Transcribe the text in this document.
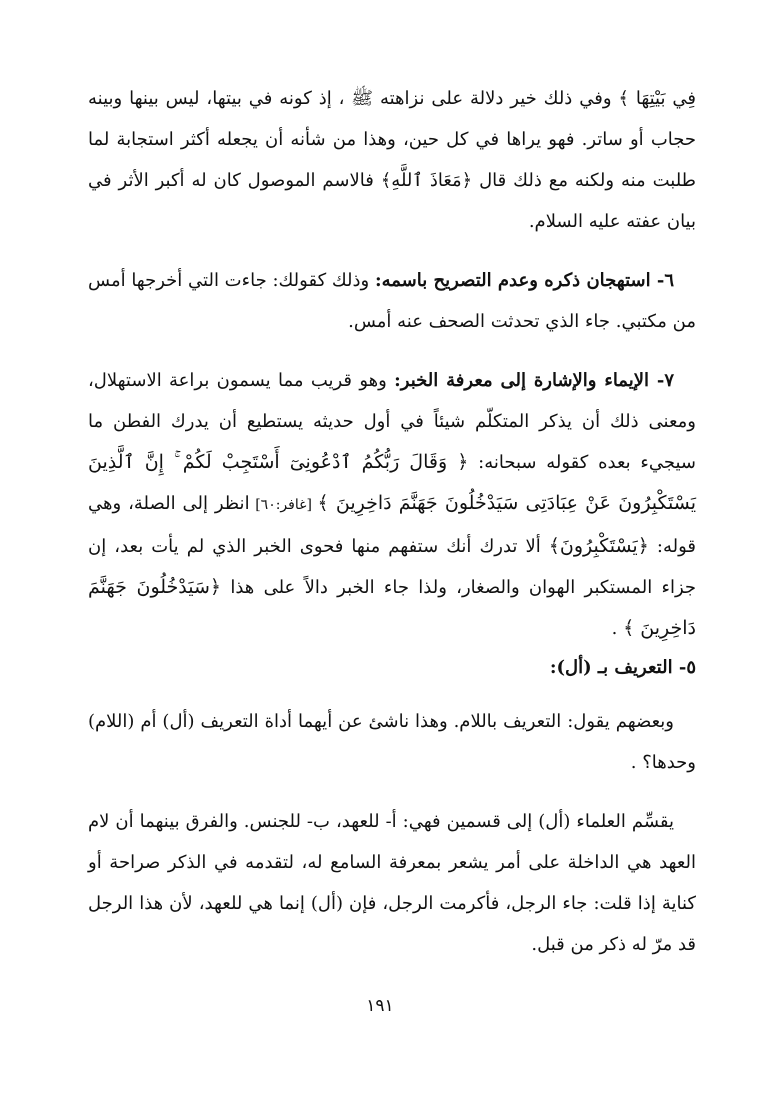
فِي بَيْتِهَا ﴾ وفي ذلك خير دلالة على نزاهته ﷺ ، إذ كونه في بيتها، ليس بينها وبينه حجاب أو ساتر. فهو يراها في كل حين، وهذا من شأنه أن يجعله أكثر استجابة لما طلبت منه ولكنه مع ذلك قال ﴿مَعَاذَ ٱللَّهِ﴾ فالاسم الموصول كان له أكبر الأثر في بيان عفته عليه السلام.

٦- استهجان ذكره وعدم التصريح باسمه: وذلك كقولك: جاءت التي أخرجها أمس من مكتبي. جاء الذي تحدثت الصحف عنه أمس.

٧- الإيماء والإشارة إلى معرفة الخبر: وهو قريب مما يسمون براعة الاستهلال، ومعنى ذلك أن يذكر المتكلّم شيئاً في أول حديثه يستطيع أن يدرك الفطن ما سيجيء بعده كقوله سبحانه: ﴿ وَقَالَ رَبُّكُمُ ٱدْعُونِىٓ أَسْتَجِبْ لَكُمْ ۚ إِنَّ ٱلَّذِينَ يَسْتَكْبِرُونَ عَنْ عِبَادَتِى سَيَدْخُلُونَ جَهَنَّمَ دَاخِرِينَ ﴾ [غافر:٦٠] انظر إلى الصلة، وهي قوله: ﴿يَسْتَكْبِرُونَ﴾ ألا تدرك أنك ستفهم منها فحوى الخبر الذي لم يأت بعد، إن جزاء المستكبر الهوان والصغار، ولذا جاء الخبر دالاً على هذا ﴿سَيَدْخُلُونَ جَهَنَّمَ دَاخِرِينَ ﴾ .

٥- التعريف بـ (أل):

وبعضهم يقول: التعريف باللام. وهذا ناشئ عن أيهما أداة التعريف (أل) أم (اللام) وحدها؟ .

يقسِّم العلماء (أل) إلى قسمين فهي: أ- للعهد، ب- للجنس. والفرق بينهما أن لام العهد هي الداخلة على أمر يشعر بمعرفة السامع له، لتقدمه في الذكر صراحة أو كناية إذا قلت: جاء الرجل، فأكرمت الرجل، فإن (أل) إنما هي للعهد، لأن هذا الرجل قد مرّ له ذكر من قبل.

١٩١
